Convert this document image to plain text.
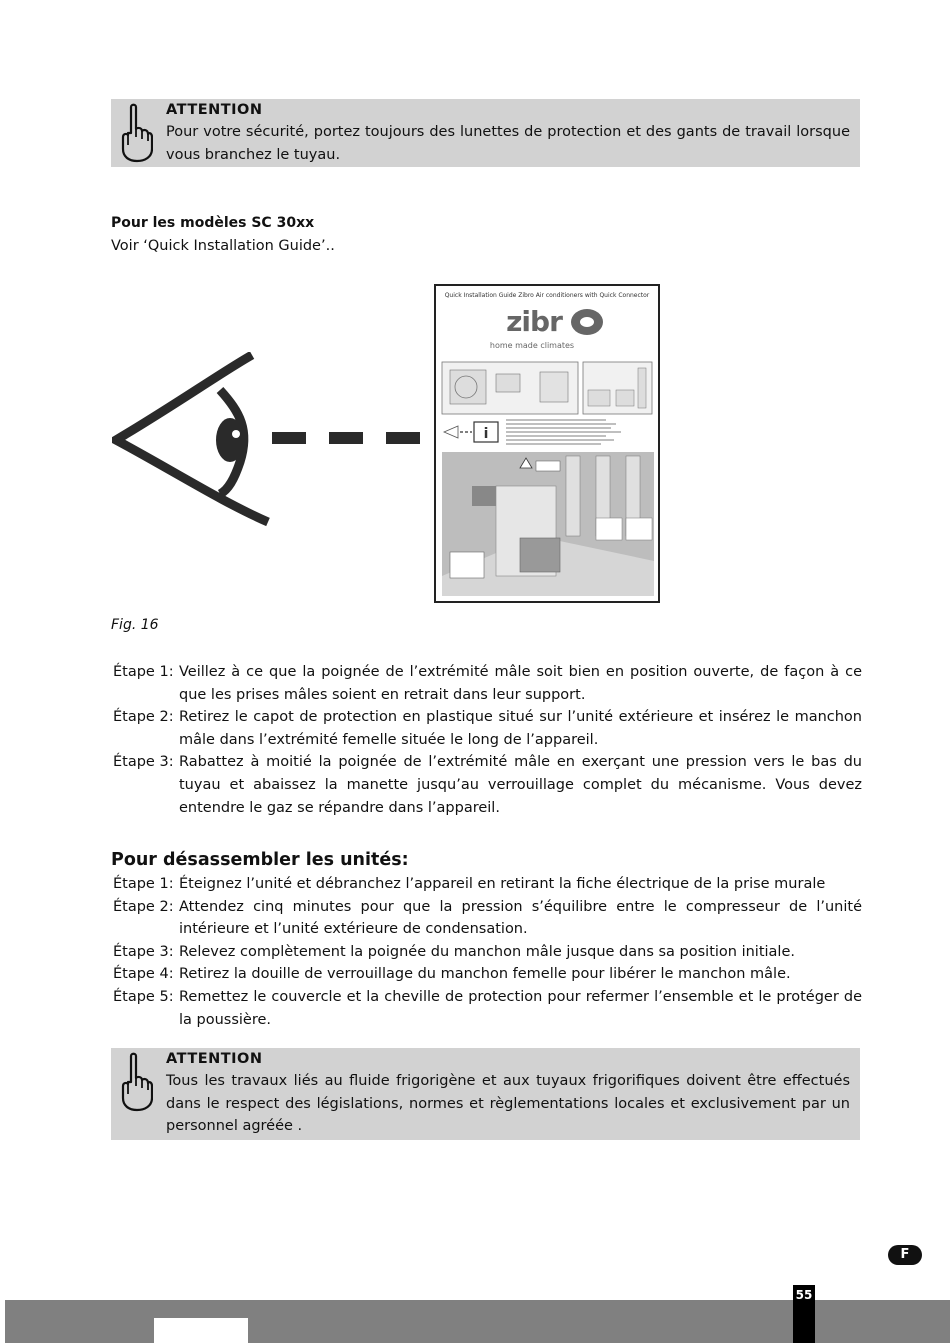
ATTENTION
Pour votre sécurité, portez toujours des lunettes de protection et des gants de travail lorsque vous branchez le tuyau.
Pour les modèles SC 30xx
Voir ‘Quick Installation Guide’..
Quick Installation Guide Zibro Air conditioners with Quick Connector
zibr
home made climates
i
Fig. 16
Étape 1: Veillez à ce que la poignée de l’extrémité mâle soit bien en position ouverte, de façon à ce que les prises mâles soient en retrait dans leur support.
Étape 2: Retirez le capot de protection en plastique situé sur l’unité extérieure et insérez le manchon mâle dans l’extrémité femelle située le long de l’appareil.
Étape 3: Rabattez à moitié la poignée de l’extrémité mâle en exerçant une pression vers le bas du tuyau et abaissez la manette jusqu’au verrouillage complet du mécanisme. Vous devez entendre le gaz se répandre dans l’appareil.
Pour désassembler les unités:
Étape 1: Éteignez l’unité et débranchez l’appareil en retirant la fiche électrique de la prise murale
Étape 2: Attendez cinq minutes pour que la pression s’équilibre entre le compresseur de l’unité intérieure et l’unité extérieure de condensation.
Étape 3: Relevez complètement la poignée du manchon mâle jusque dans sa position initiale.
Étape 4: Retirez la douille de verrouillage du manchon femelle pour libérer le manchon mâle.
Étape 5: Remettez le couvercle et la cheville de protection pour refermer l’ensemble et le protéger de la poussière.
ATTENTION
Tous les travaux liés au fluide frigorigène et aux tuyaux frigorifiques doivent être effectués dans le respect des législations, normes et règlementations locales et exclusivement par un personnel agréée .
F
55
